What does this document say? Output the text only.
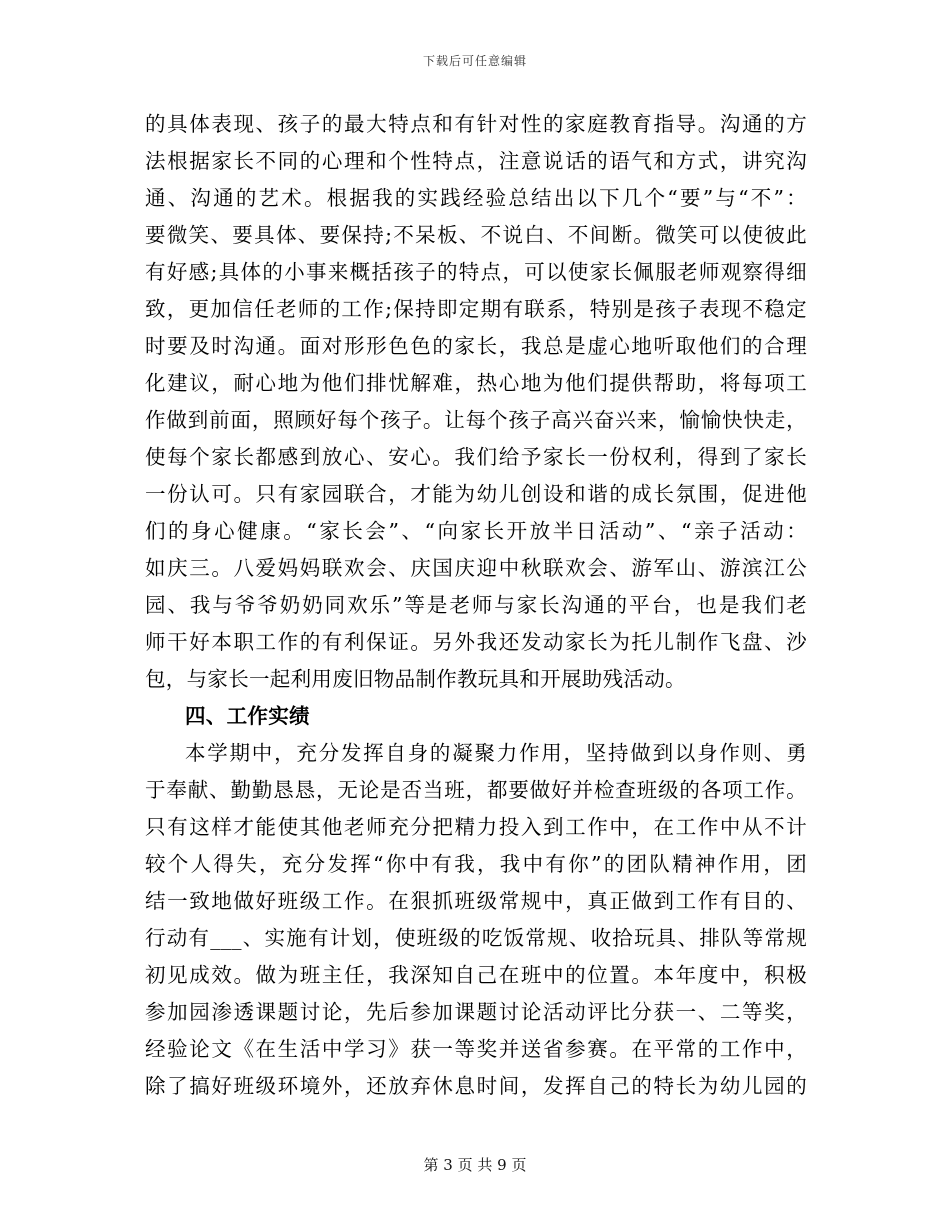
下载后可任意编辑
的具体表现、孩子的最大特点和有针对性的家庭教育指导。沟通的方
法根据家长不同的心理和个性特点，注意说话的语气和方式，讲究沟
通、沟通的艺术。根据我的实践经验总结出以下几个“要”与“不”：
要微笑、要具体、要保持;不呆板、不说白、不间断。微笑可以使彼此
有好感;具体的小事来概括孩子的特点，可以使家长佩服老师观察得细
致，更加信任老师的工作;保持即定期有联系，特别是孩子表现不稳定
时要及时沟通。面对形形色色的家长，我总是虚心地听取他们的合理
化建议，耐心地为他们排忧解难，热心地为他们提供帮助，将每项工
作做到前面，照顾好每个孩子。让每个孩子高兴奋兴来，愉愉快快走，
使每个家长都感到放心、安心。我们给予家长一份权利，得到了家长
一份认可。只有家园联合，才能为幼儿创设和谐的成长氛围，促进他
们的身心健康。“家长会”、“向家长开放半日活动”、“亲子活动：
如庆三。八爱妈妈联欢会、庆国庆迎中秋联欢会、游军山、游滨江公
园、我与爷爷奶奶同欢乐”等是老师与家长沟通的平台，也是我们老
师干好本职工作的有利保证。另外我还发动家长为托儿制作飞盘、沙
包，与家长一起利用废旧物品制作教玩具和开展助残活动。
四、工作实绩
本学期中，充分发挥自身的凝聚力作用，坚持做到以身作则、勇
于奉献、勤勤恳恳，无论是否当班，都要做好并检查班级的各项工作。
只有这样才能使其他老师充分把精力投入到工作中，在工作中从不计
较个人得失，充分发挥“你中有我，我中有你”的团队精神作用，团
结一致地做好班级工作。在狠抓班级常规中，真正做到工作有目的、
行动有___、实施有计划，使班级的吃饭常规、收拾玩具、排队等常规
初见成效。做为班主任，我深知自己在班中的位置。本年度中，积极
参加园渗透课题讨论，先后参加课题讨论活动评比分获一、二等奖，
经验论文《在生活中学习》获一等奖并送省参赛。在平常的工作中，
除了搞好班级环境外，还放弃休息时间，发挥自己的特长为幼儿园的
第 3 页 共 9 页
